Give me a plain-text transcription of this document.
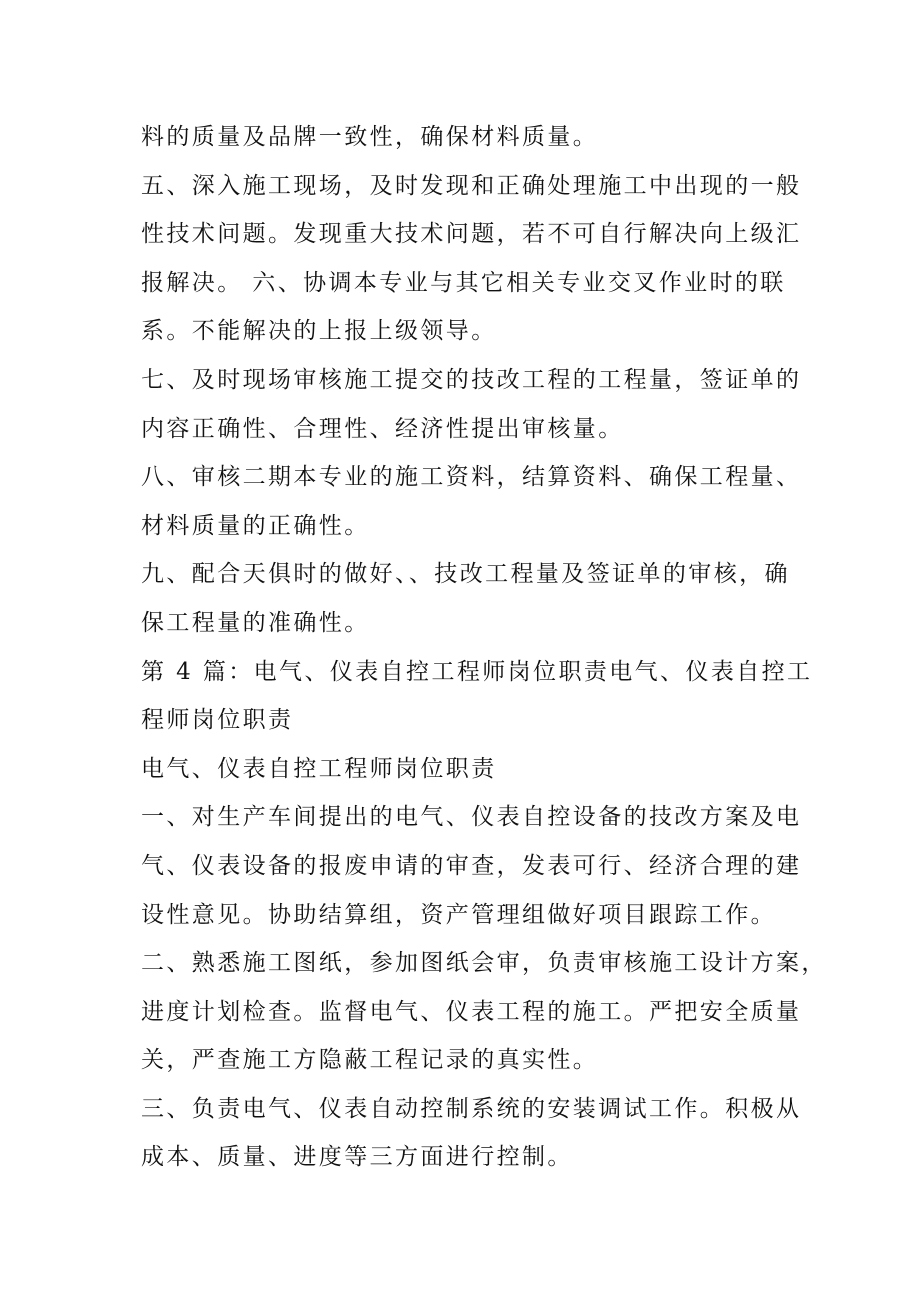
料的质量及品牌一致性，确保材料质量。
五、深入施工现场，及时发现和正确处理施工中出现的一般
性技术问题。发现重大技术问题，若不可自行解决向上级汇
报解决。 六、协调本专业与其它相关专业交叉作业时的联
系。不能解决的上报上级领导。
七、及时现场审核施工提交的技改工程的工程量，签证单的
内容正确性、合理性、经济性提出审核量。
八、审核二期本专业的施工资料，结算资料、确保工程量、
材料质量的正确性。
九、配合天俱时的做好、、技改工程量及签证单的审核，确
保工程量的准确性。
第 4 篇：电气、仪表自控工程师岗位职责电气、仪表自控工
程师岗位职责
电气、仪表自控工程师岗位职责
一、对生产车间提出的电气、仪表自控设备的技改方案及电
气、仪表设备的报废申请的审查，发表可行、经济合理的建
设性意见。协助结算组，资产管理组做好项目跟踪工作。
二、熟悉施工图纸，参加图纸会审，负责审核施工设计方案，
进度计划检查。监督电气、仪表工程的施工。严把安全质量
关，严查施工方隐蔽工程记录的真实性。
三、负责电气、仪表自动控制系统的安装调试工作。积极从
成本、质量、进度等三方面进行控制。
